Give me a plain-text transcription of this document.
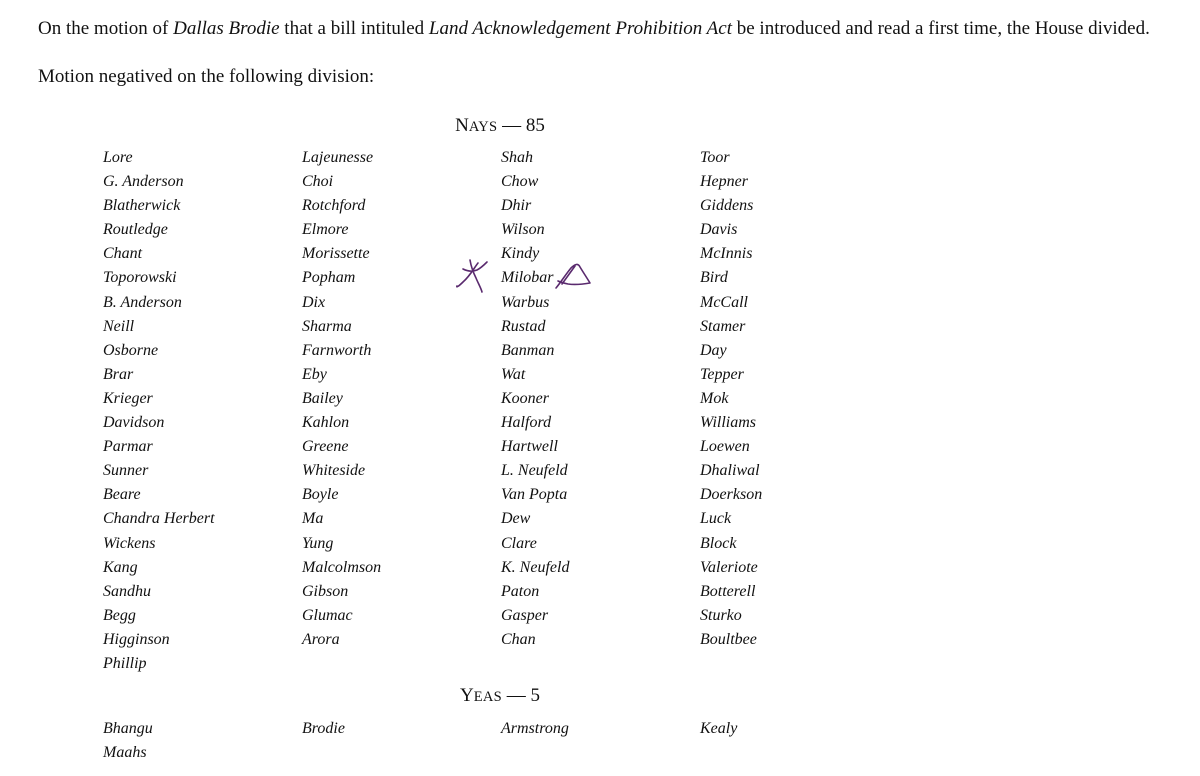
On the motion of Dallas Brodie that a bill intituled Land Acknowledgement Prohibition Act be introduced and read a first time, the House divided.
Motion negatived on the following division:
NAYS — 85
Lore
G. Anderson
Blatherwick
Routledge
Chant
Toporowski
B. Anderson
Neill
Osborne
Brar
Krieger
Davidson
Parmar
Sunner
Beare
Chandra Herbert
Wickens
Kang
Sandhu
Begg
Higginson
Phillip
Lajeunesse
Choi
Rotchford
Elmore
Morissette
Popham
Dix
Sharma
Farnworth
Eby
Bailey
Kahlon
Greene
Whiteside
Boyle
Ma
Yung
Malcolmson
Gibson
Glumac
Arora
Shah
Chow
Dhir
Wilson
Kindy
Milobar
Warbus
Rustad
Banman
Wat
Kooner
Halford
Hartwell
L. Neufeld
Van Popta
Dew
Clare
K. Neufeld
Paton
Gasper
Chan
Toor
Hepner
Giddens
Davis
McInnis
Bird
McCall
Stamer
Day
Tepper
Mok
Williams
Loewen
Dhaliwal
Doerkson
Luck
Block
Valeriote
Botterell
Sturko
Boultbee
YEAS — 5
Bhangu
Maahs
Brodie	Armstrong	Kealy
